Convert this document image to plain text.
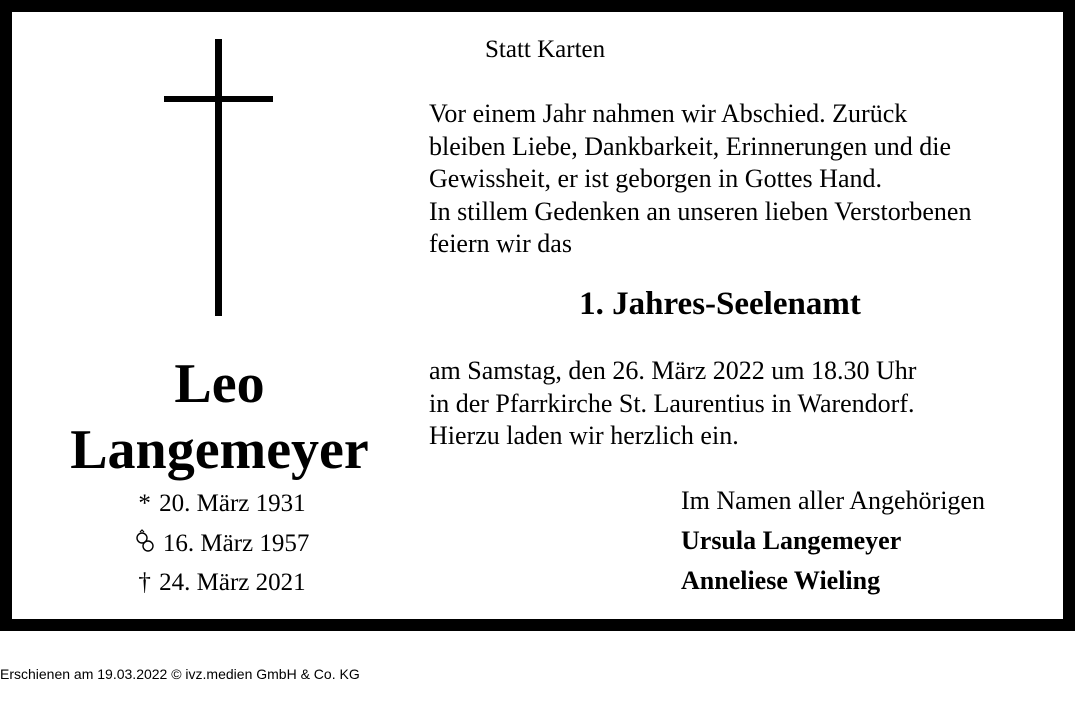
Leo
Langemeyer
* 20. März 1931
16. März 1957
† 24. März 2021
Statt Karten
Vor einem Jahr nahmen wir Abschied. Zurück
bleiben Liebe, Dankbarkeit, Erinnerungen und die
Gewissheit, er ist geborgen in Gottes Hand.
In stillem Gedenken an unseren lieben Verstorbenen
feiern wir das
1. Jahres-Seelenamt
am Samstag, den 26. März 2022 um 18.30 Uhr
in der Pfarrkirche St. Laurentius in Warendorf.
Hierzu laden wir herzlich ein.
Im Namen aller Angehörigen
Ursula Langemeyer
Anneliese Wieling
Erschienen am 19.03.2022 © ivz.medien GmbH & Co. KG
